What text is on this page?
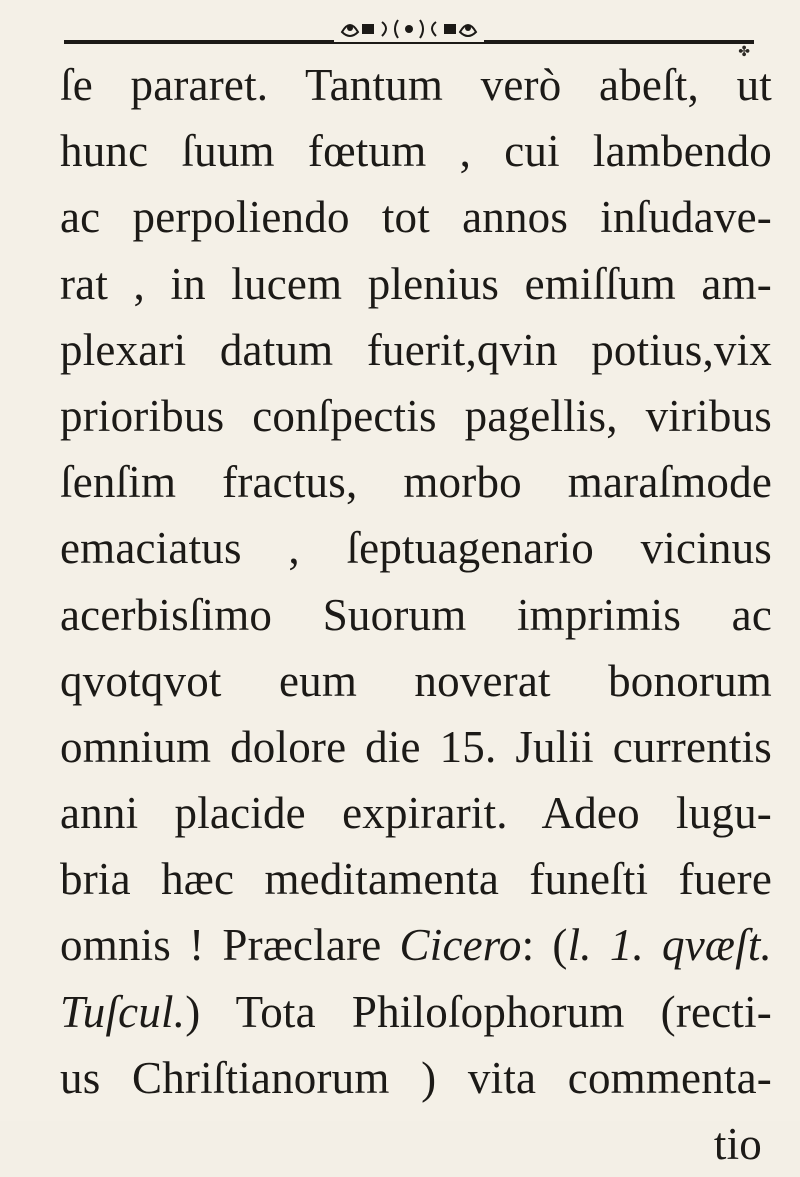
✤
ſe pararet. Tantum verò abeſt, ut
hunc ſuum fœtum , cui lambendo
ac perpoliendo tot annos inſudave-
rat , in lucem plenius emiſſum am-
plexari datum fuerit,qvin potius,vix
prioribus conſpectis pagellis, viribus
ſenſim fractus, morbo maraſmode
emaciatus , ſeptuagenario vicinus
acerbisſimo Suorum imprimis ac
qvotqvot eum noverat bonorum
omnium dolore die 15. Julii currentis
anni placide expirarit. Adeo lugu-
bria hæc meditamenta funeſti fuere
omnis ! Præclare Cicero: (l. 1. qvæſt.
Tuſcul.) Tota Philoſophorum (recti-
us Chriſtianorum ) vita commenta-
tio
